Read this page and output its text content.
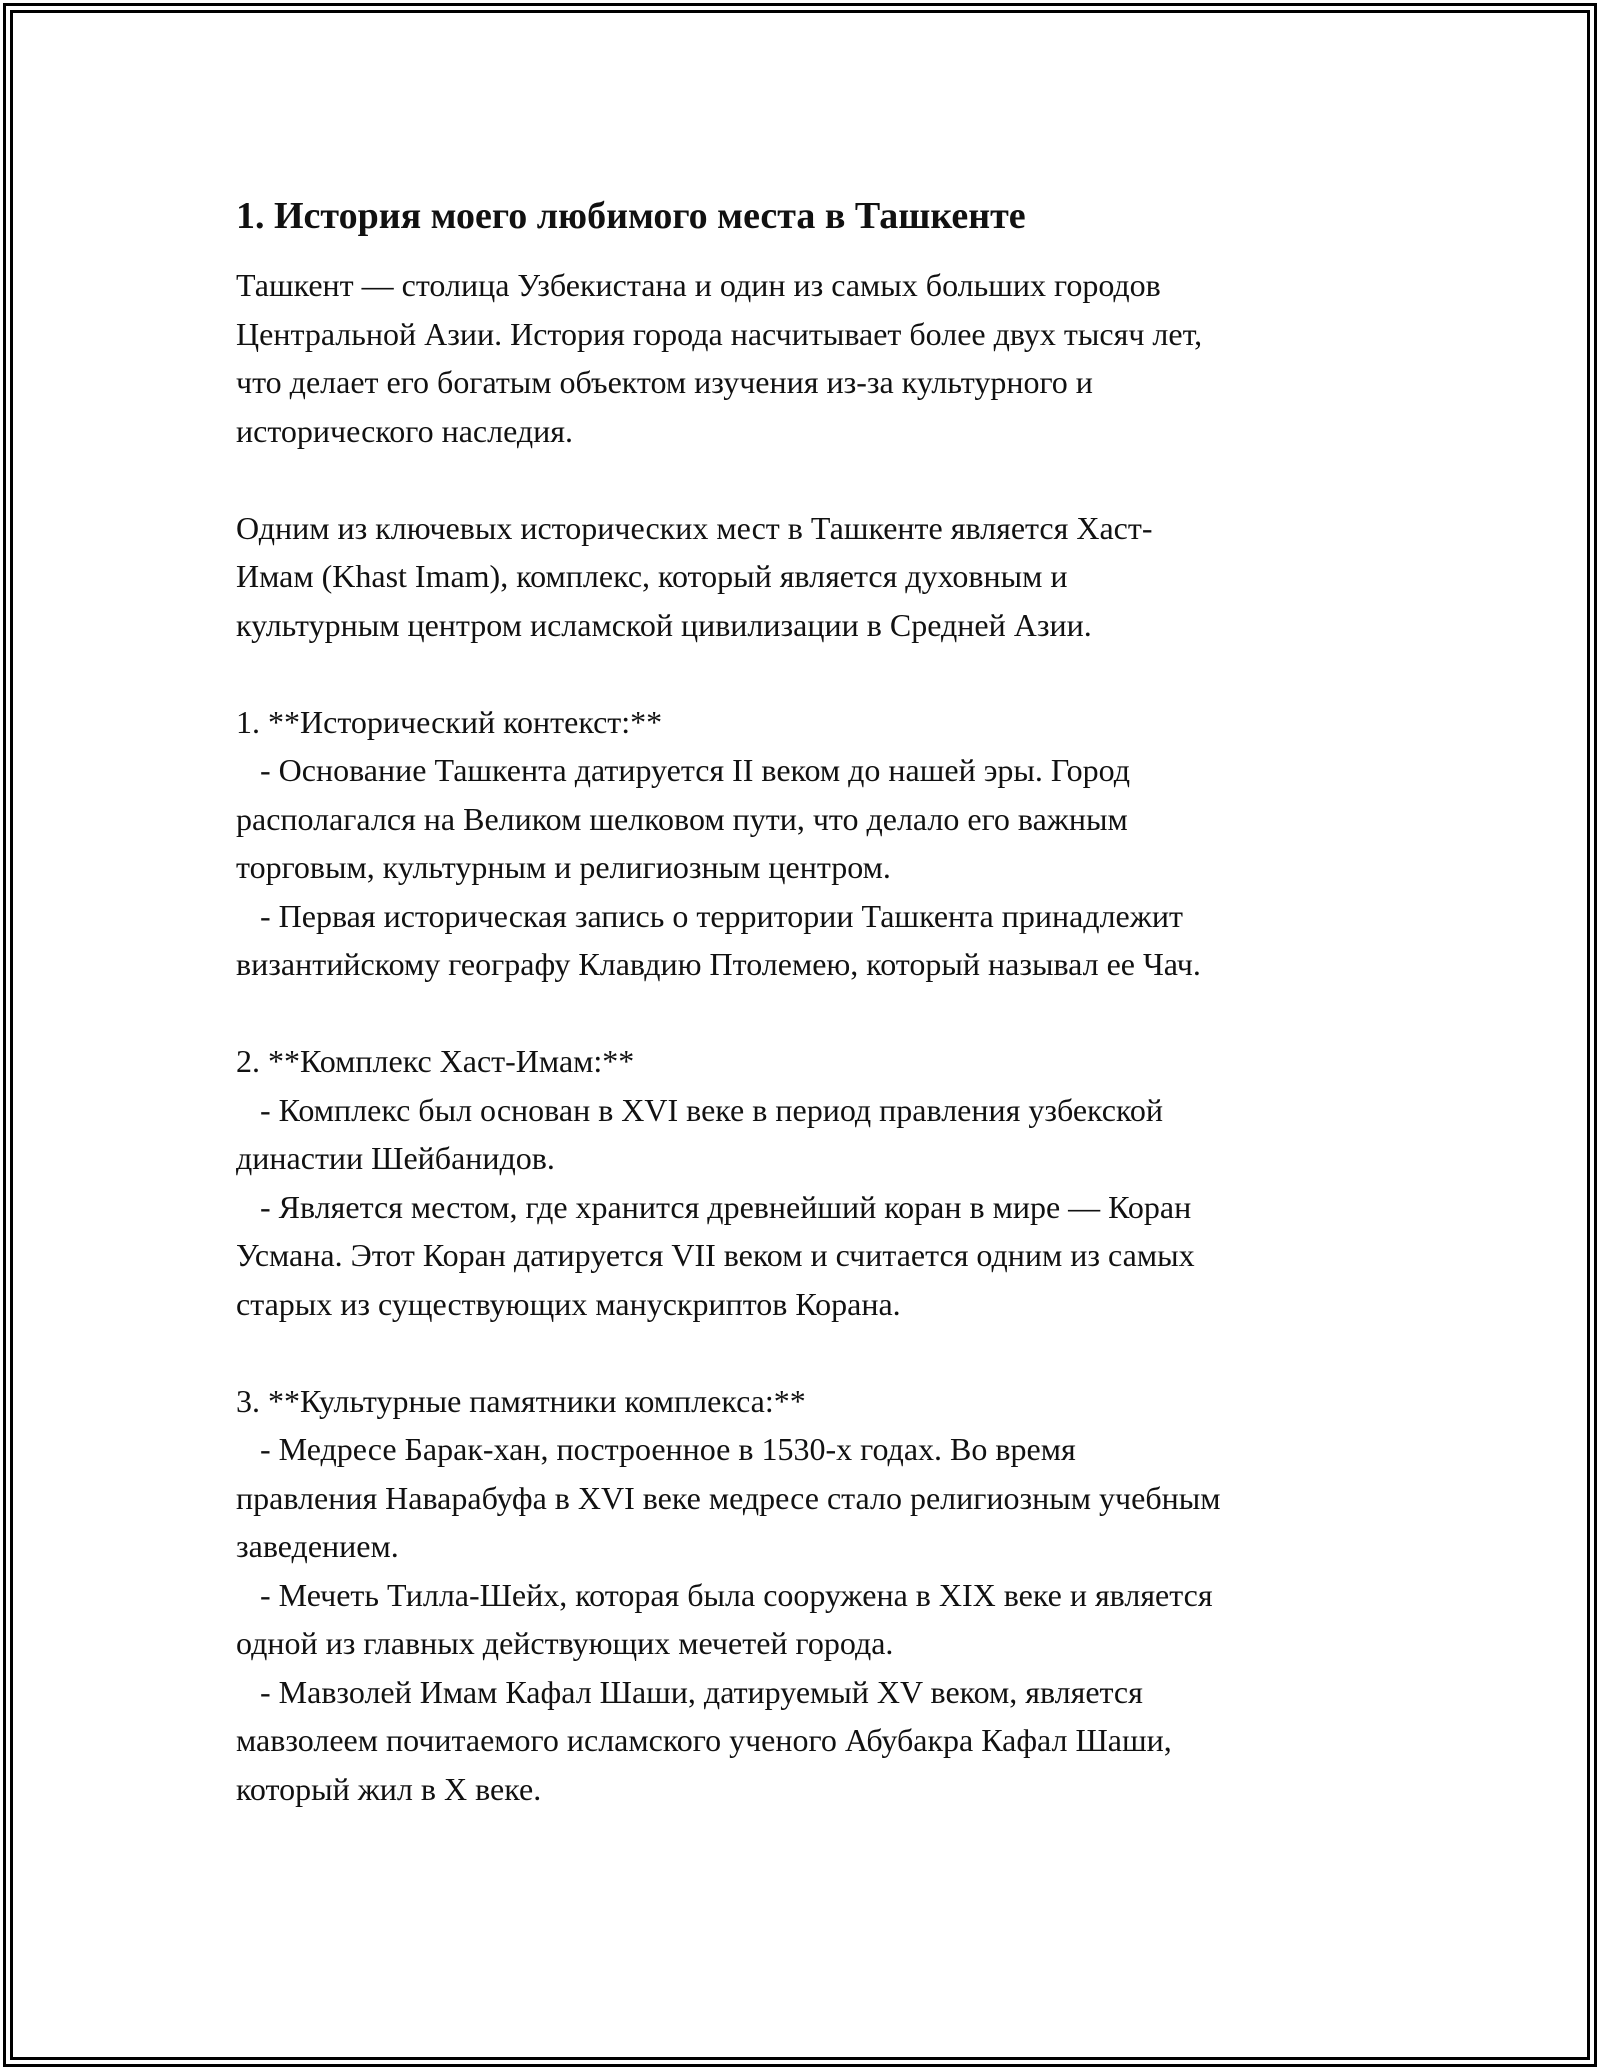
1. История моего любимого места в Ташкенте

Ташкент — столица Узбекистана и один из самых больших городов

Центральной Азии. История города насчитывает более двух тысяч лет,

что делает его богатым объектом изучения из-за культурного и

исторического наследия.

Одним из ключевых исторических мест в Ташкенте является Хаст-

Имам (Khast Imam), комплекс, который является духовным и

культурным центром исламской цивилизации в Средней Азии.

1. **Исторический контекст:**

- Основание Ташкента датируется II веком до нашей эры. Город

располагался на Великом шелковом пути, что делало его важным

торговым, культурным и религиозным центром.

- Первая историческая запись о территории Ташкента принадлежит

византийскому географу Клавдию Птолемею, который называл ее Чач.

2. **Комплекс Хаст-Имам:**

- Комплекс был основан в XVI веке в период правления узбекской

династии Шейбанидов.

- Является местом, где хранится древнейший коран в мире — Коран

Усмана. Этот Коран датируется VII веком и считается одним из самых

старых из существующих манускриптов Корана.

3. **Культурные памятники комплекса:**

- Медресе Барак-хан, построенное в 1530-х годах. Во время

правления Наварабуфа в XVI веке медресе стало религиозным учебным

заведением.

- Мечеть Тилла-Шейх, которая была сооружена в XIX веке и является

одной из главных действующих мечетей города.

- Мавзолей Имам Кафал Шаши, датируемый XV веком, является

мавзолеем почитаемого исламского ученого Абубакра Кафал Шаши,

который жил в X веке.
